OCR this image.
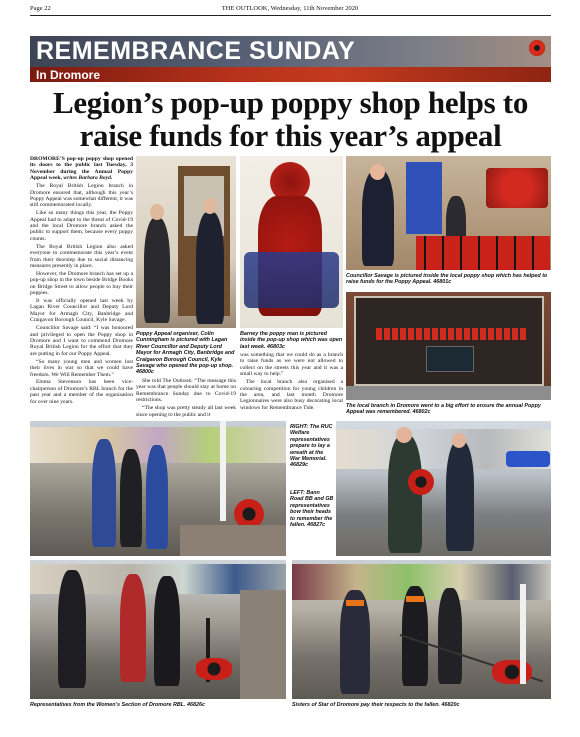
Page 22	THE OUTLOOK, Wednesday, 11th November 2020
REMEMBRANCE SUNDAY
In Dromore
Legion’s pop-up poppy shop helps to raise funds for this year’s appeal

DROMORE’S pop-up poppy shop opened its doors to the public last Tuesday, 3 November during the Annual Poppy Appeal week, writes Barbara Boyd.

The Royal British Legion branch in Dromore ensured that, although this year’s Poppy Appeal was somewhat different, it was still commemorated locally.

Like so many things this year, the Poppy Appeal had to adapt to the threat of Covid-19 and the local Dromore branch asked the public to support them, because every poppy counts.

The Royal British Legion also asked everyone to commemorate this year’s event from their doorstep due to social distancing measures presently in place.

However, the Dromore branch has set up a pop-up shop in the town beside Bridge Books on Bridge Street to allow people to buy their poppies.

It was officially opened last week by Lagan River Councillor and Deputy Lord Mayor for Armagh City, Banbridge and Craigavon Borough Council, Kyle Savage.

Councillor Savage said: “I was honoured and privileged to open the Poppy shop in Dromore and I want to commend Dromore Royal British Legion for the effort that they are putting in for our Poppy Appeal.

“So many young men and women lost their lives in war so that we could have freedom. We Will Remember Them.”

Emma Stevenson has been vice-chairperson of Dromore’s RBL branch for the past year and a member of the organisation for over nine years.

Councillor Savage is pictured inside the local poppy shop which has helped to raise funds for the Poppy Appeal. 46801c
The local branch in Dromore went to a big effort to ensure the annual Poppy Appeal was remembered. 46802c
Poppy Appeal organiser, Colin Cunningham is pictured with Lagan River Councillor and Deputy Lord Mayor for Armagh City, Banbridge and Craigavon Borough Council, Kyle Savage who opened the pop-up shop. 46800c
Barney the poppy man is pictured inside the pop-up shop which was open last week. 46803c

She told The Outlook: “The message this year was that people should stay at home on Remembrance Sunday due to Covid-19 restrictions.

“The shop was pretty steady all last week since opening to the public and it

was something that we could do as a branch to raise funds as we were not allowed to collect on the streets this year and it was a small way to help.”

The local branch also organised a colouring competition for young children in the area, and last month Dromore Legionnaires were also busy decorating local windows for Remembrance Tide.

RIGHT: The RUC Welfare representatives prepare to lay a wreath at the War Memorial. 46829c
LEFT: Bann Road BB and GB representatives bow their heads to remember the fallen. 46827c
Representatives from the Women’s Section of Dromore RBL. 46826c	Sisters of Star of Dromore pay their respects to the fallen. 46820c
